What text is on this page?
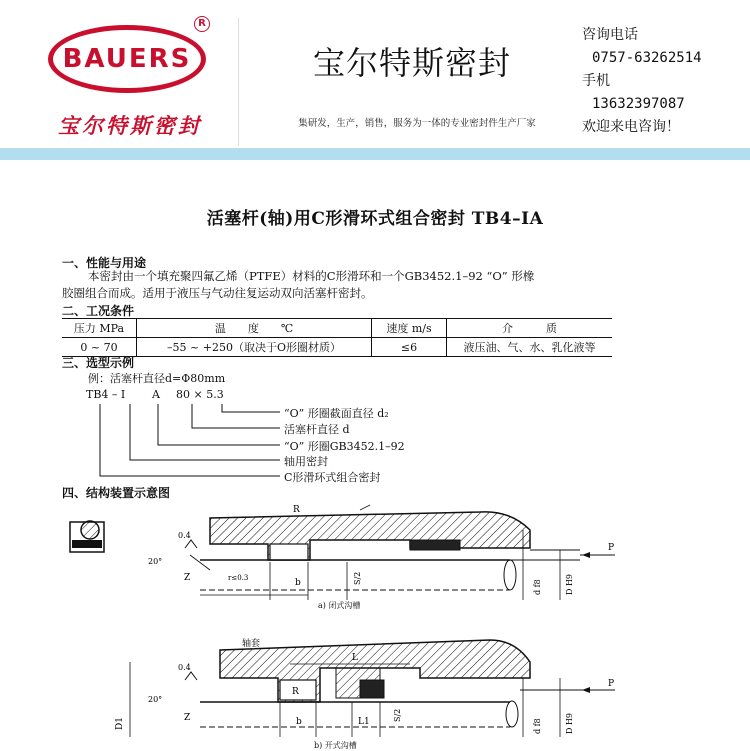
BAUERS
R
宝尔特斯密封
宝尔特斯密封
集研发，生产，销售，服务为一体的专业密封件生产厂家
咨询电话
0757-63262514
手机
13632397087
欢迎来电咨询！
活塞杆(轴)用C形滑环式组合密封 TB4–IA
一、性能与用途
本密封由一个填充聚四氟乙烯（PTFE）材料的C形滑环和一个GB3452.1–92 “O” 形橡
胶圈组合而成。适用于液压与气动往复运动双向活塞杆密封。
二、工况条件
压力 MPa	温　　度　　℃	速度 m/s	介　　　质
0 ~ 70	–55 ~ +250（取决于O形圈材质）	≤6	液压油、气、水、乳化液等
三、选型示例
例：活塞杆直径d=Φ80mm
TB4 – I A 80 × 5.3
“O” 形圈截面直径 d₂
活塞杆直径 d
“O” 形圈GB3452.1–92
轴用密封
C形滑环式组合密封
四、结构装置示意图
R
0.4
20°
Z	r≤0.3	b	S/2
d f8	D H9
P
a) 闭式沟槽
轴套
L
R
0.4
20°
Z	b	L1	S/2
D1	d f8	D H9
P
b) 开式沟槽
